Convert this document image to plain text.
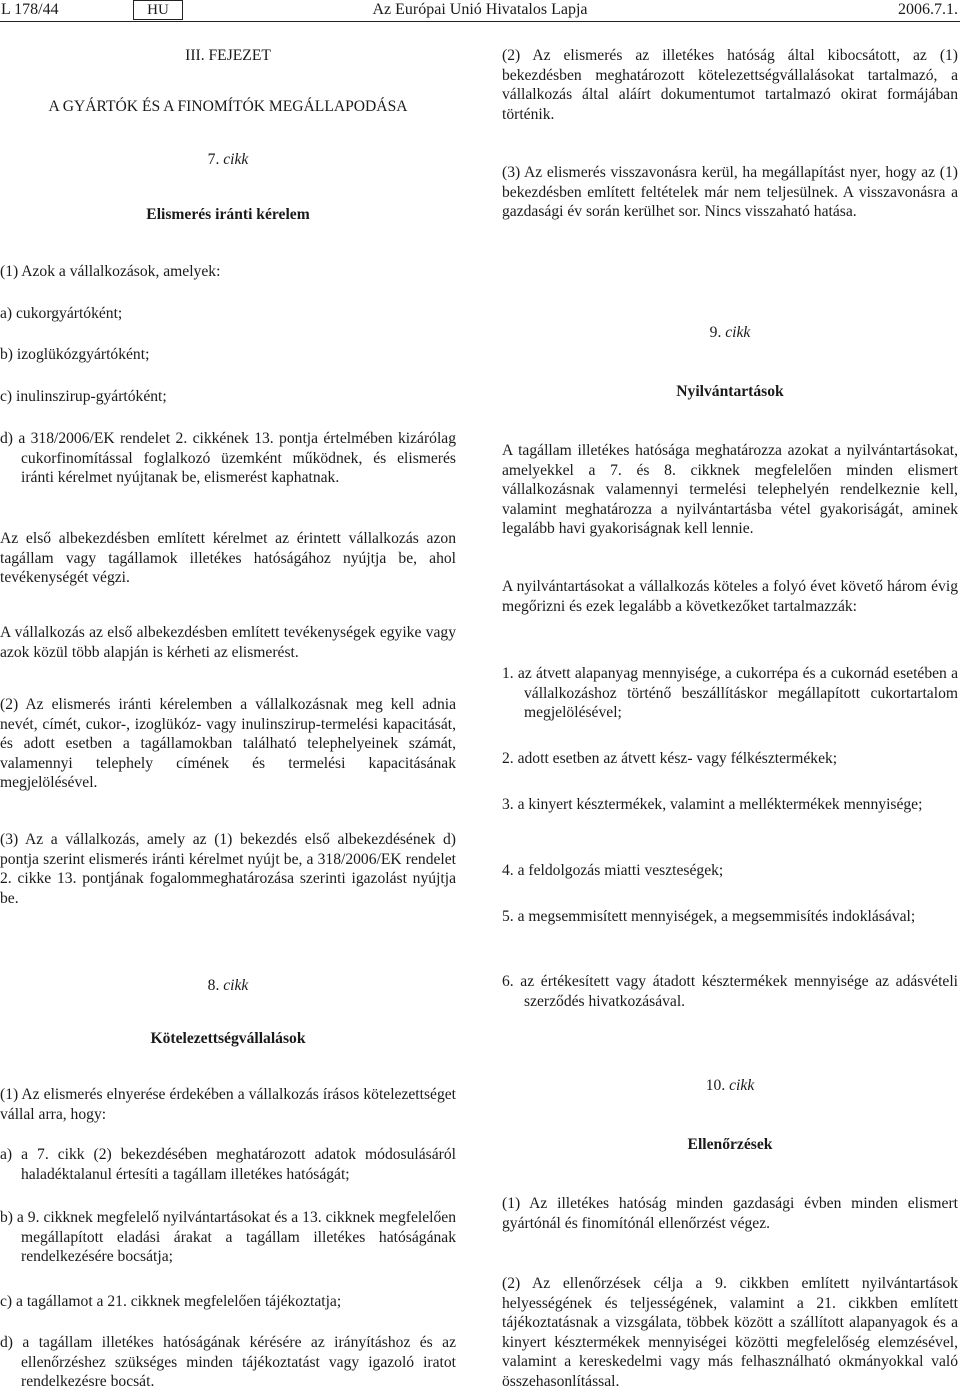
Az Európai Unió Hivatalos Lapja
L 178/44	HU	2006.7.1.
III. FEJEZET
A GYÁRTÓK ÉS A FINOMÍTÓK MEGÁLLAPODÁSA
7. cikk
Elismerés iránti kérelem
(1) Azok a vállalkozások, amelyek:
a) cukorgyártóként;
b) izoglükózgyártóként;
c) inulinszirup-gyártóként;
d) a 318/2006/EK rendelet 2. cikkének 13. pontja értelmében kizárólag cukorfinomítással foglalkozó üzemként működnek, és elismerés iránti kérelmet nyújtanak be, elismerést kaphatnak.
Az első albekezdésben említett kérelmet az érintett vállalkozás azon tagállam vagy tagállamok illetékes hatóságához nyújtja be, ahol tevékenységét végzi.
A vállalkozás az első albekezdésben említett tevékenységek egyike vagy azok közül több alapján is kérheti az elismerést.
(2) Az elismerés iránti kérelemben a vállalkozásnak meg kell adnia nevét, címét, cukor-, izoglükóz- vagy inulinszirup-termelési kapacitását, és adott esetben a tagállamokban található telephelyeinek számát, valamennyi telephely címének és termelési kapacitásának megjelölésével.
(3) Az a vállalkozás, amely az (1) bekezdés első albekezdésének d) pontja szerint elismerés iránti kérelmet nyújt be, a 318/2006/EK rendelet 2. cikke 13. pontjának fogalommeghatározása szerinti igazolást nyújtja be.
8. cikk
Kötelezettségvállalások
(1) Az elismerés elnyerése érdekében a vállalkozás írásos kötelezettséget vállal arra, hogy:
a) a 7. cikk (2) bekezdésében meghatározott adatok módosulásáról haladéktalanul értesíti a tagállam illetékes hatóságát;
b) a 9. cikknek megfelelő nyilvántartásokat és a 13. cikknek megfelelően megállapított eladási árakat a tagállam illetékes hatóságának rendelkezésére bocsátja;
c) a tagállamot a 21. cikknek megfelelően tájékoztatja;
d) a tagállam illetékes hatóságának kérésére az irányításhoz és az ellenőrzéshez szükséges minden tájékoztatást vagy igazoló iratot rendelkezésre bocsát.
(2) Az elismerés az illetékes hatóság által kibocsátott, az (1) bekezdésben meghatározott kötelezettségvállalásokat tartalmazó, a vállalkozás által aláírt dokumentumot tartalmazó okirat formájában történik.
(3) Az elismerés visszavonásra kerül, ha megállapítást nyer, hogy az (1) bekezdésben említett feltételek már nem teljesülnek. A visszavonásra a gazdasági év során kerülhet sor. Nincs visszaható hatása.
9. cikk
Nyilvántartások
A tagállam illetékes hatósága meghatározza azokat a nyilvántartásokat, amelyekkel a 7. és 8. cikknek megfelelően minden elismert vállalkozásnak valamennyi termelési telephelyén rendelkeznie kell, valamint meghatározza a nyilvántartásba vétel gyakoriságát, aminek legalább havi gyakoriságnak kell lennie.
A nyilvántartásokat a vállalkozás köteles a folyó évet követő három évig megőrizni és ezek legalább a következőket tartalmazzák:
1. az átvett alapanyag mennyisége, a cukorrépa és a cukornád esetében a vállalkozáshoz történő beszállításkor megállapított cukortartalom megjelölésével;
2. adott esetben az átvett kész- vagy félkésztermékek;
3. a kinyert késztermékek, valamint a melléktermékek mennyisége;
4. a feldolgozás miatti veszteségek;
5. a megsemmisített mennyiségek, a megsemmisítés indoklásával;
6. az értékesített vagy átadott késztermékek mennyisége az adásvételi szerződés hivatkozásával.
10. cikk
Ellenőrzések
(1) Az illetékes hatóság minden gazdasági évben minden elismert gyártónál és finomítónál ellenőrzést végez.
(2) Az ellenőrzések célja a 9. cikkben említett nyilvántartások helyességének és teljességének, valamint a 21. cikkben említett tájékoztatásnak a vizsgálata, többek között a szállított alapanyagok és a kinyert késztermékek mennyiségei közötti megfelelőség elemzésével, valamint a kereskedelmi vagy más felhasználható okmányokkal való összehasonlítással.
